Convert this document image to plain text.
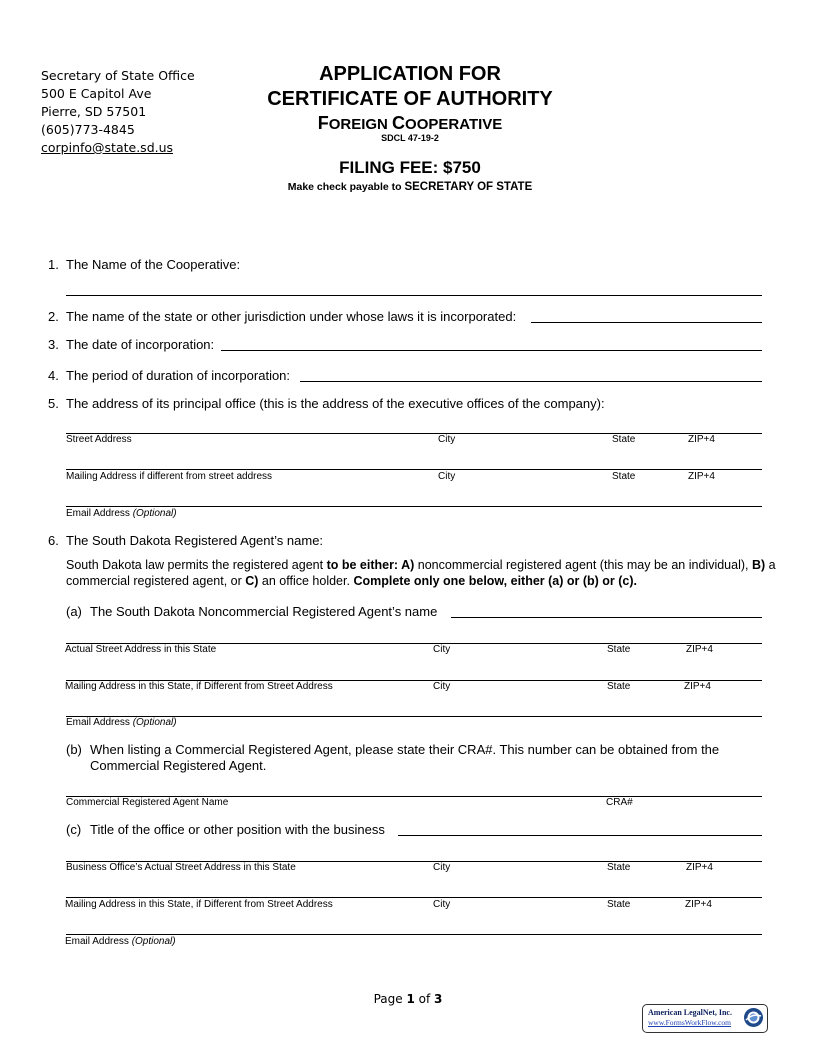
Secretary of State Office
500 E Capitol Ave
Pierre, SD 57501
(605)773-4845
corpinfo@state.sd.us
APPLICATION FOR
CERTIFICATE OF AUTHORITY
FOREIGN COOPERATIVE
SDCL 47-19-2
FILING FEE: $750
Make check payable to SECRETARY OF STATE
1. The Name of the Cooperative:
2. The name of the state or other jurisdiction under whose laws it is incorporated:
3. The date of incorporation:
4. The period of duration of incorporation:
5. The address of its principal office (this is the address of the executive offices of the company):
Street Address	City	State	ZIP+4
Mailing Address if different from street address	City	State	ZIP+4
Email Address (Optional)
6. The South Dakota Registered Agent’s name:
South Dakota law permits the registered agent to be either: A) noncommercial registered agent (this may be an individual), B) a commercial registered agent, or C) an office holder. Complete only one below, either (a) or (b) or (c).
(a) The South Dakota Noncommercial Registered Agent’s name
Actual Street Address in this State	City	State	ZIP+4
Mailing Address in this State, if Different from Street Address	City	State	ZIP+4
Email Address (Optional)
(b) When listing a Commercial Registered Agent, please state their CRA#. This number can be obtained from the Commercial Registered Agent.
Commercial Registered Agent Name	CRA#
(c) Title of the office or other position with the business
Business Office’s Actual Street Address in this State	City	State	ZIP+4
Mailing Address in this State, if Different from Street Address	City	State	ZIP+4
Email Address (Optional)
Page 1 of 3
American LegalNet, Inc.
www.FormsWorkFlow.com
